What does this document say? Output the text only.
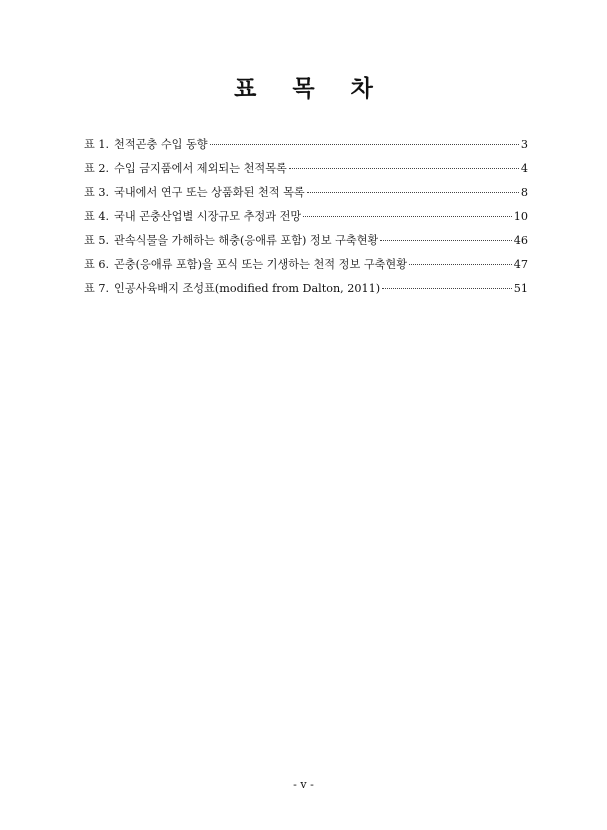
표 목 차
표 1. 천적곤충 수입 동향	3
표 2. 수입 금지품에서 제외되는 천적목록	4
표 3. 국내에서 연구 또는 상품화된 천적 목록	8
표 4. 국내 곤충산업별 시장규모 추정과 전망	10
표 5. 관속식물을 가해하는 해충(응애류 포함) 정보 구축현황	46
표 6. 곤충(응애류 포함)을 포식 또는 기생하는 천적 정보 구축현황	47
표 7. 인공사육배지 조성표(modified from Dalton, 2011)	51
- v -
